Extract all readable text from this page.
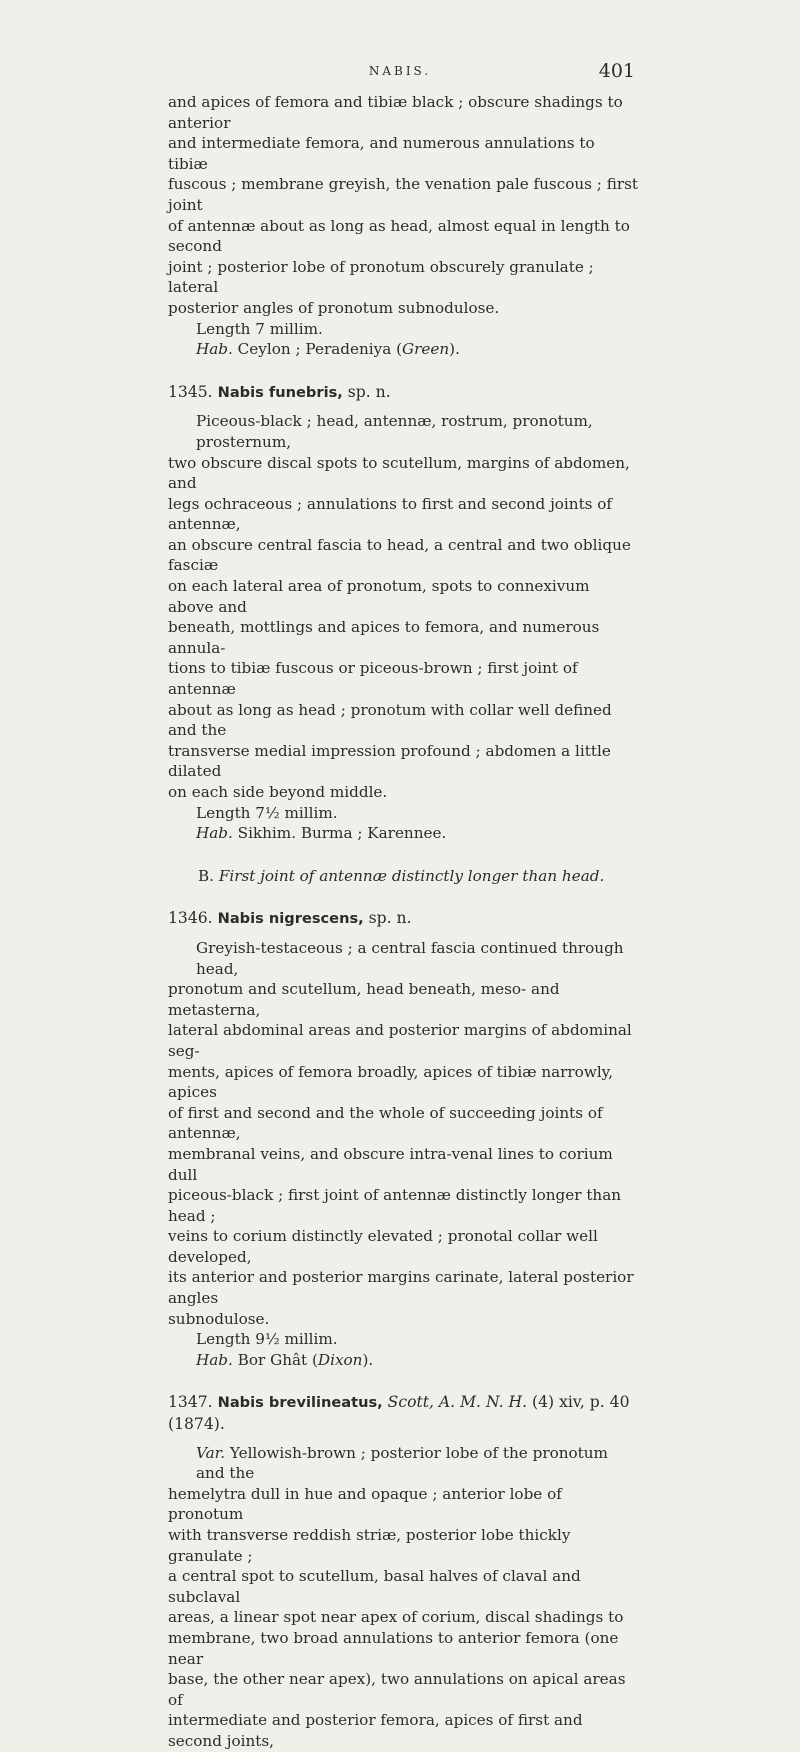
NABIS.	401

and apices of femora and tibiæ black ; obscure shadings to anterior

and intermediate femora, and numerous annulations to tibiæ

fuscous ; membrane greyish, the venation pale fuscous ; first joint

of antennæ about as long as head, almost equal in length to second

joint ; posterior lobe of pronotum obscurely granulate ; lateral

posterior angles of pronotum subnodulose.

Length 7 millim.

Hab. Ceylon ; Peradeniya (Green).

1345. Nabis funebris, sp. n.

Piceous-black ; head, antennæ, rostrum, pronotum, prosternum,

two obscure discal spots to scutellum, margins of abdomen, and

legs ochraceous ; annulations to first and second joints of antennæ,

an obscure central fascia to head, a central and two oblique fasciæ

on each lateral area of pronotum, spots to connexivum above and

beneath, mottlings and apices to femora, and numerous annula-

tions to tibiæ fuscous or piceous-brown ; first joint of antennæ

about as long as head ; pronotum with collar well defined and the

transverse medial impression profound ; abdomen a little dilated

on each side beyond middle.

Length 7½ millim.

Hab. Sikhim. Burma ; Karennee.

B. First joint of antennæ distinctly longer than head.

1346. Nabis nigrescens, sp. n.

Greyish-testaceous ; a central fascia continued through head,

pronotum and scutellum, head beneath, meso- and metasterna,

lateral abdominal areas and posterior margins of abdominal seg-

ments, apices of femora broadly, apices of tibiæ narrowly, apices

of first and second and the whole of succeeding joints of antennæ,

membranal veins, and obscure intra-venal lines to corium dull

piceous-black ; first joint of antennæ distinctly longer than head ;

veins to corium distinctly elevated ; pronotal collar well developed,

its anterior and posterior margins carinate, lateral posterior angles

subnodulose.

Length 9½ millim.

Hab. Bor Ghât (Dixon).

1347. Nabis brevilineatus, Scott, A. M. N. H. (4) xiv, p. 40 (1874).

Var. Yellowish-brown ; posterior lobe of the pronotum and the

hemelytra dull in hue and opaque ; anterior lobe of pronotum

with transverse reddish striæ, posterior lobe thickly granulate ;

a central spot to scutellum, basal halves of claval and subclaval

areas, a linear spot near apex of corium, discal shadings to

membrane, two broad annulations to anterior femora (one near

base, the other near apex), two annulations on apical areas of

intermediate and posterior femora, apices of first and second joints,
